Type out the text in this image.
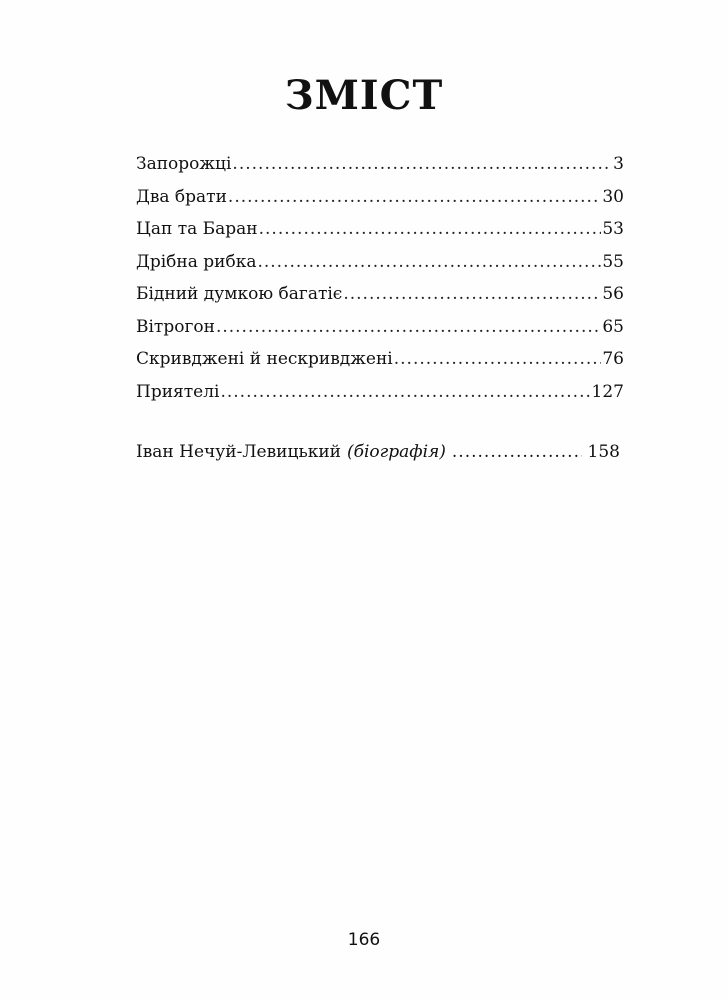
ЗМІСТ
Запорожці .....	3
Два брати .....	30
Цап та Баран .....	53
Дрібна рибка .....	55
Бідний думкою багатіє .....	56
Вітрогон .....	65
Скривджені й нескривджені .....	76
Приятелі .....	127
Іван Нечуй-Левицький (біографія) .....	158
166
